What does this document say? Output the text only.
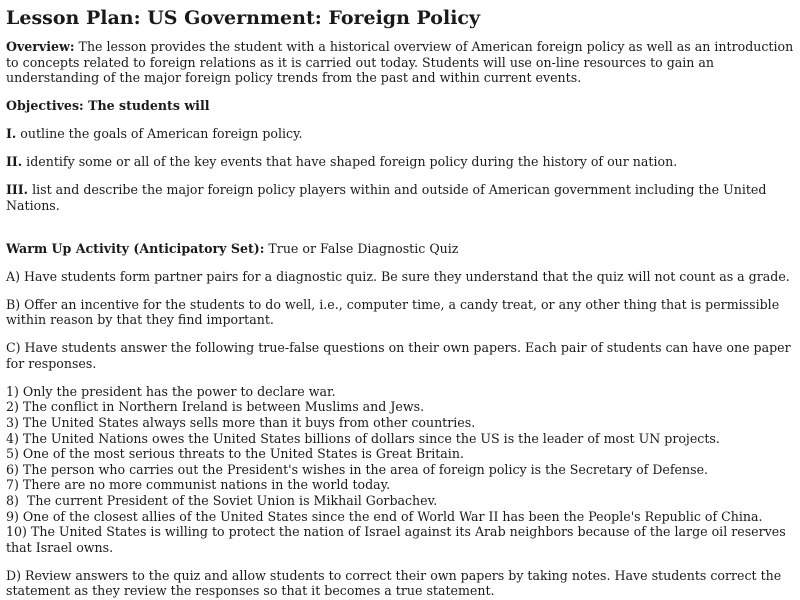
Lesson Plan: US Government: Foreign Policy

Overview: The lesson provides the student with a historical overview of American foreign policy as well as an introduction to concepts related to foreign relations as it is carried out today. Students will use on-line resources to gain an understanding of the major foreign policy trends from the past and within current events.

Objectives: The students will

I. outline the goals of American foreign policy.

II. identify some or all of the key events that have shaped foreign policy during the history of our nation.

III. list and describe the major foreign policy players within and outside of American government including the United Nations.

Warm Up Activity (Anticipatory Set): True or False Diagnostic Quiz

A) Have students form partner pairs for a diagnostic quiz. Be sure they understand that the quiz will not count as a grade.

B) Offer an incentive for the students to do well, i.e., computer time, a candy treat, or any other thing that is permissible within reason by that they find important.

C) Have students answer the following true-false questions on their own papers. Each pair of students can have one paper for responses.

1) Only the president has the power to declare war.
2) The conflict in Northern Ireland is between Muslims and Jews.
3) The United States always sells more than it buys from other countries.
4) The United Nations owes the United States billions of dollars since the US is the leader of most UN projects.
5) One of the most serious threats to the United States is Great Britain.
6) The person who carries out the President's wishes in the area of foreign policy is the Secretary of Defense.
7) There are no more communist nations in the world today.
8)  The current President of the Soviet Union is Mikhail Gorbachev.
9) One of the closest allies of the United States since the end of World War II has been the People's Republic of China.
10) The United States is willing to protect the nation of Israel against its Arab neighbors because of the large oil reserves that Israel owns.

D) Review answers to the quiz and allow students to correct their own papers by taking notes. Have students correct the statement as they review the responses so that it becomes a true statement.
